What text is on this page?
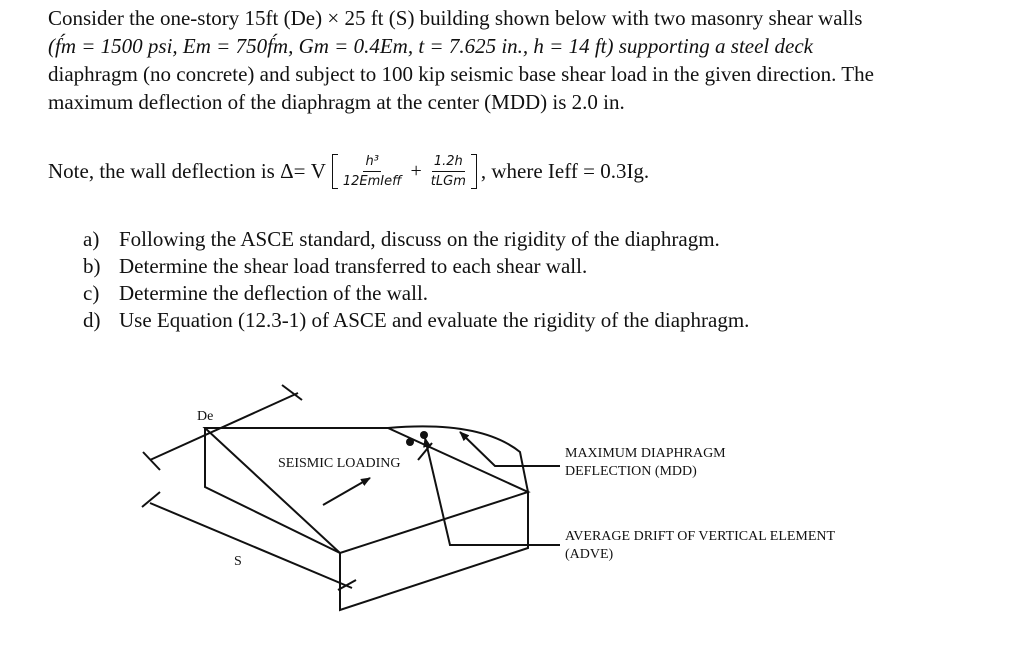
Consider the one-story 15ft (De) × 25 ft (S) building shown below with two masonry shear walls
(f́m = 1500 psi, Em = 750f́m, Gm = 0.4Em, t = 7.625 in., h = 14 ft) supporting a steel deck
diaphragm (no concrete) and subject to 100 kip seismic base shear load in the given direction. The
maximum deflection of the diaphragm at the center (MDD) is 2.0 in.
Note, the wall deflection is Δ= V $\frac{\text{h³}}{\text{12EmIeff}} + \frac{1.2h}{\text{tLGm}}$ , where Ieff = 0.3Ig.
a) Following the ASCE standard, discuss on the rigidity of the diaphragm.
b) Determine the shear load transferred to each shear wall.
c) Determine the deflection of the wall.
d) Use Equation (12.3-1) of ASCE and evaluate the rigidity of the diaphragm.
De
S
SEISMIC LOADING
MAXIMUM DIAPHRAGM
DEFLECTION (MDD)
AVERAGE DRIFT OF VERTICAL ELEMENT
(ADVE)
